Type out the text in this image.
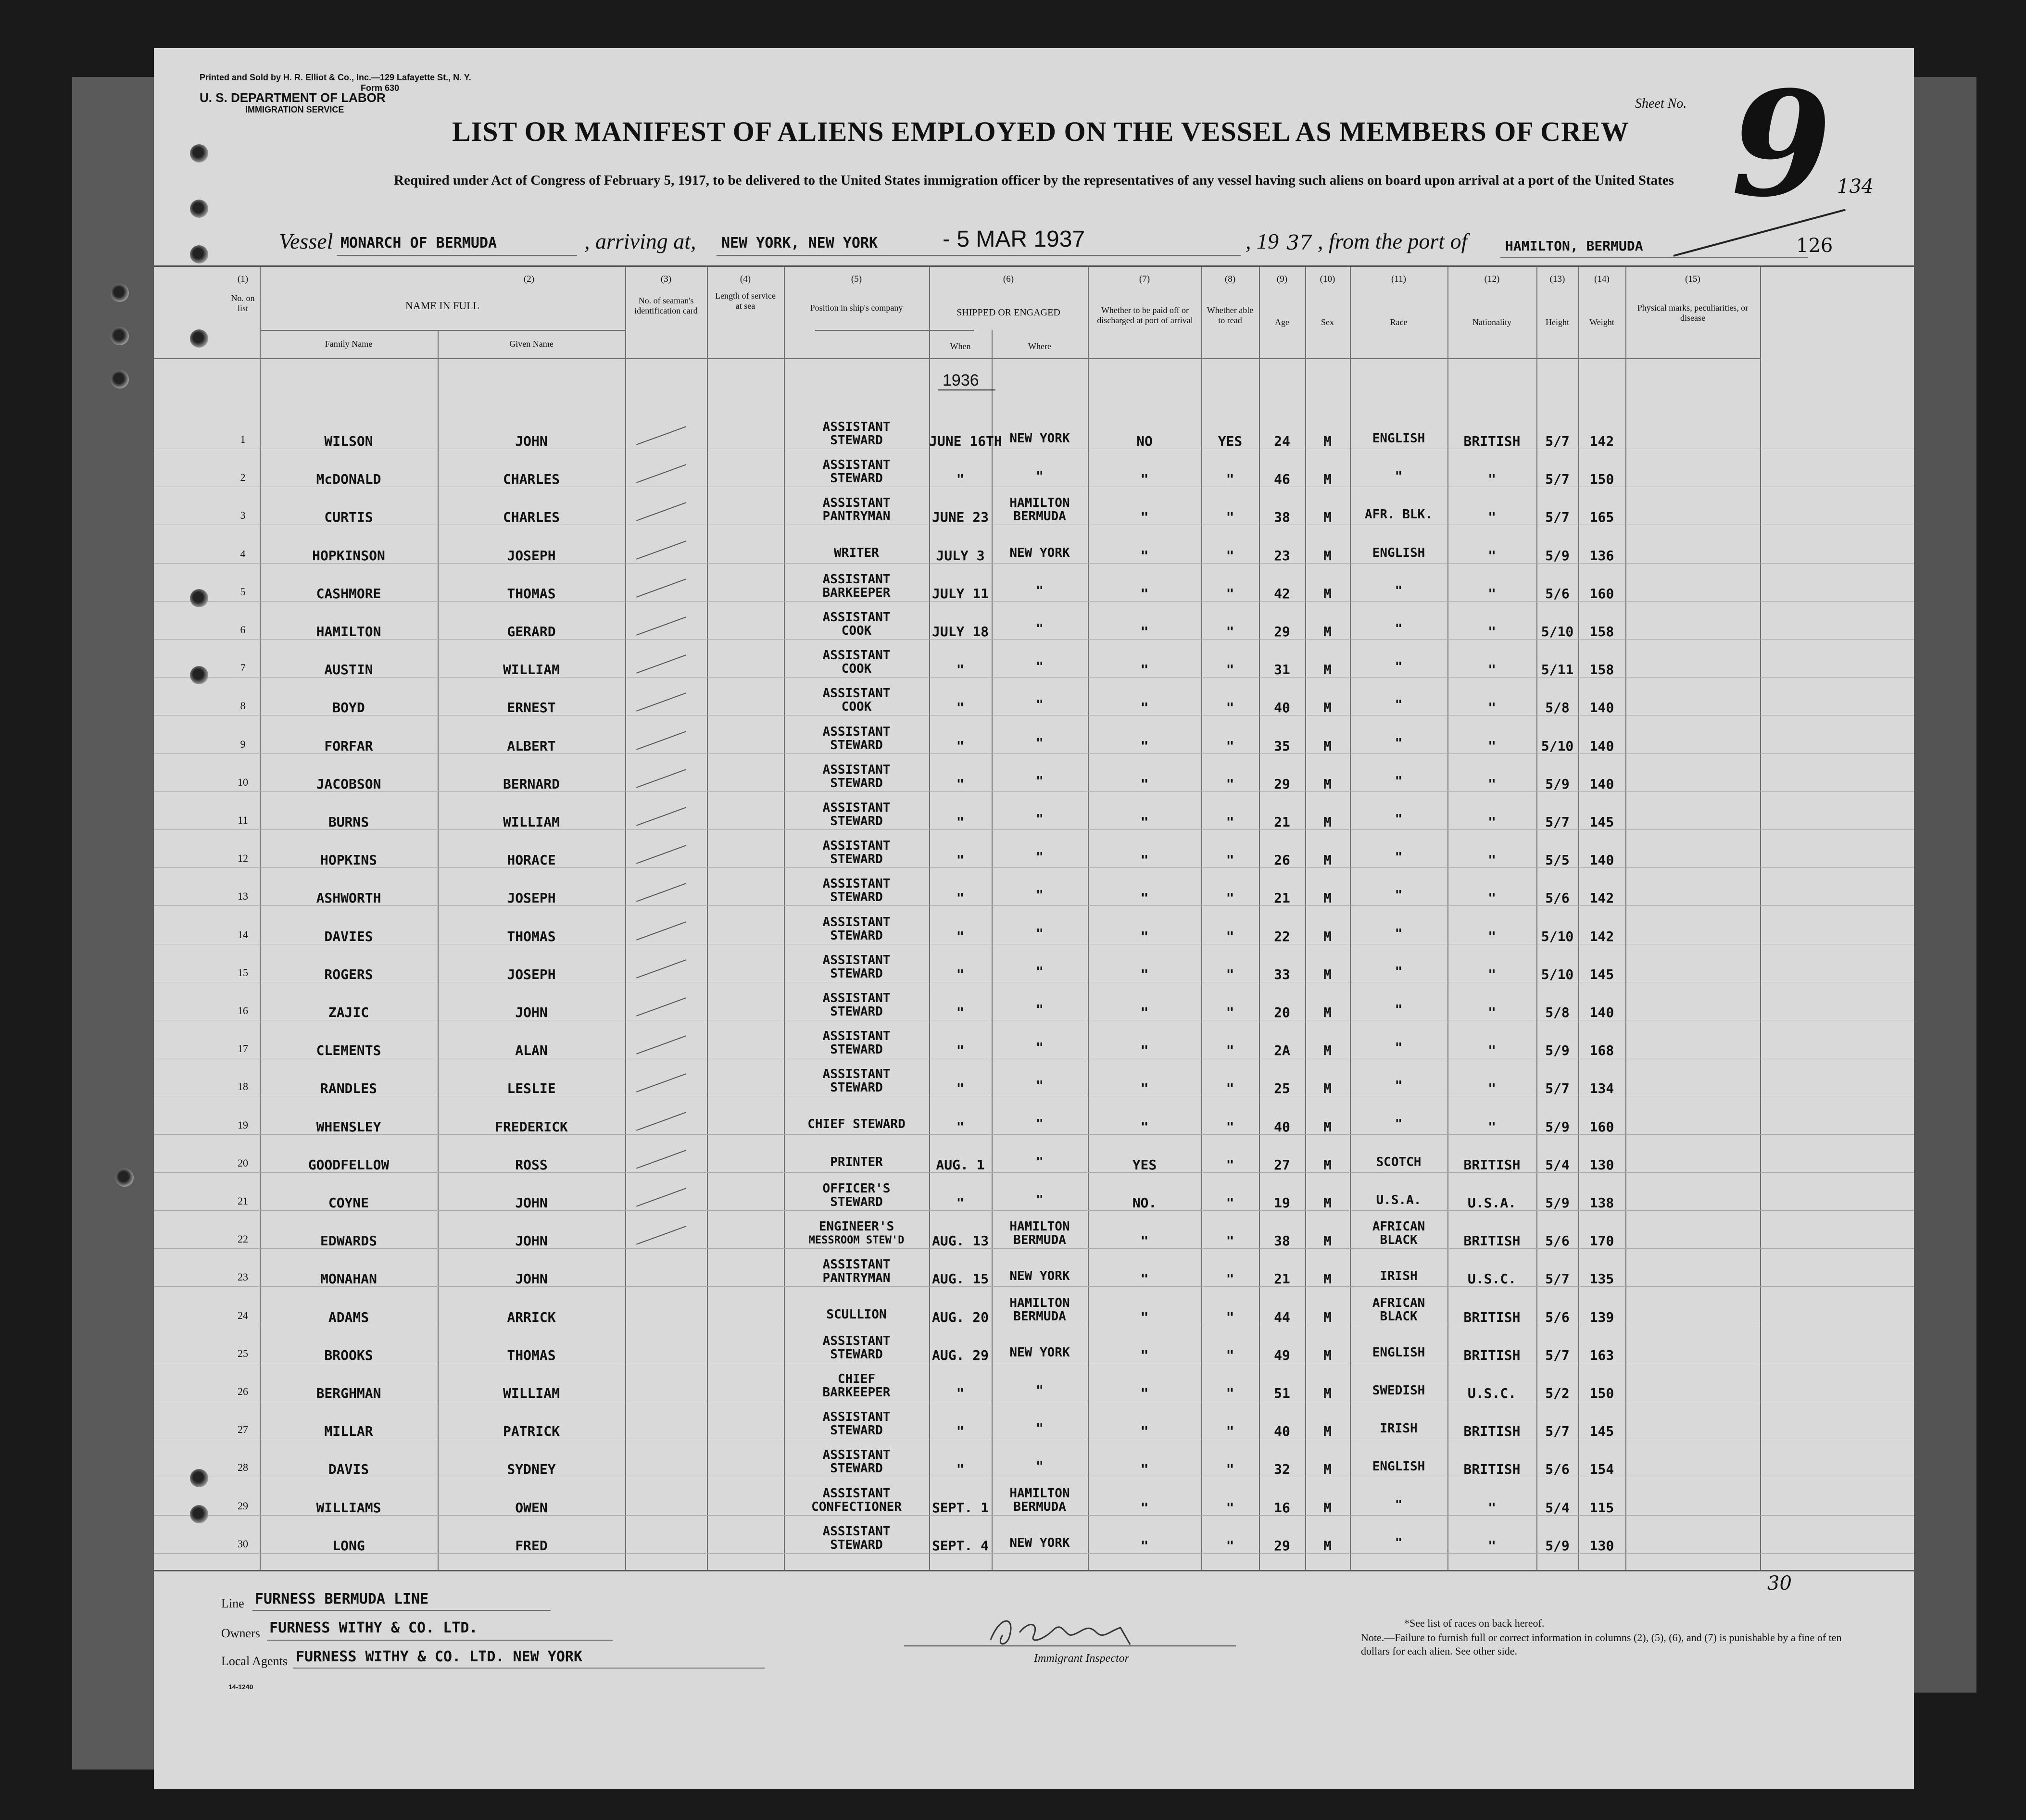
Printed and Sold by H. R. Elliot & Co., Inc.—129 Lafayette St., N. Y.
Form 630
U. S. DEPARTMENT OF LABOR
IMMIGRATION SERVICE	Sheet No. 9 134
LIST OR MANIFEST OF ALIENS EMPLOYED ON THE VESSEL AS MEMBERS OF CREW
Required under Act of Congress of February 5, 1917, to be delivered to the United States immigration officer by the representatives of any vessel having such aliens on board upon arrival at a port of the United States
Vessel MONARCH OF BERMUDA	, arriving at, NEW YORK, NEW YORK	- 5 MAR 1937	, 19 37 , from the port of	HAMILTON, BERMUDA	126
(1)	(2)	(3)	(4)	(5)	(6)	(7)	(8)	(9)	(10)	(11)	(12)	(13)	(14)	(15)
No. on list	NAME IN FULL
Family Name	Given Name
No. of seaman's identification card
Length of service at sea	Position in ship's company	SHIPPED OR ENGAGED
When	Where
Whether to be paid off or discharged at port of arrival
Whether able to read	Age	Sex	Race	Nationality	Height	Weight
Physical marks, peculiarities, or disease
1936
1	WILSON	JOHN
ASSISTANT
STEWARD	JUNE 16TH NEW YORK	NO	YES	24	M	ENGLISH	BRITISH	5/7	142
2	McDONALD	CHARLES
ASSISTANT
STEWARD	"	"	"	"	46	M	"	"	5/7	150
3	CURTIS	CHARLES
ASSISTANT
PANTRYMAN	JUNE 23
HAMILTON
BERMUDA	"	"	38	M	AFR. BLK.	"	5/7	165
4	HOPKINSON	JOSEPH	WRITER	JULY 3	NEW YORK	"	"	23	M	ENGLISH	"	5/9	136
5	CASHMORE	THOMAS
ASSISTANT
BARKEEPER	JULY 11	"	"	"	42	M	"	"	5/6	160
6	HAMILTON	GERARD
ASSISTANT
COOK	JULY 18	"	"	"	29	M	"	"	5/10	158
7	AUSTIN	WILLIAM
ASSISTANT
COOK	"	"	"	"	31	M	"	"	5/11	158
8	BOYD	ERNEST
ASSISTANT
COOK	"	"	"	"	40	M	"	"	5/8	140
9	FORFAR	ALBERT
ASSISTANT
STEWARD	"	"	"	"	35	M	"	"	5/10	140
10	JACOBSON	BERNARD
ASSISTANT
STEWARD	"	"	"	"	29	M	"	"	5/9	140
11	BURNS	WILLIAM
ASSISTANT
STEWARD	"	"	"	"	21	M	"	"	5/7	145
12	HOPKINS	HORACE
ASSISTANT
STEWARD	"	"	"	"	26	M	"	"	5/5	140
13	ASHWORTH	JOSEPH
ASSISTANT
STEWARD	"	"	"	"	21	M	"	"	5/6	142
14	DAVIES	THOMAS
ASSISTANT
STEWARD	"	"	"	"	22	M	"	"	5/10	142
15	ROGERS	JOSEPH
ASSISTANT
STEWARD	"	"	"	"	33	M	"	"	5/10	145
16	ZAJIC	JOHN
ASSISTANT
STEWARD	"	"	"	"	20	M	"	"	5/8	140
17	CLEMENTS	ALAN
ASSISTANT
STEWARD	"	"	"	"	2A	M	"	"	5/9	168
18	RANDLES	LESLIE
ASSISTANT
STEWARD	"	"	"	"	25	M	"	"	5/7	134
19	WHENSLEY	FREDERICK	CHIEF STEWARD	"	"	"	"	40	M	"	"	5/9	160
20	GOODFELLOW	ROSS	PRINTER	AUG. 1	"	YES	"	27	M	SCOTCH	BRITISH	5/4	130
21	COYNE	JOHN
OFFICER'S
STEWARD	"	"	NO.	"	19	M	U.S.A.	U.S.A.	5/9	138
22	EDWARDS	JOHN
ENGINEER'S
MESSROOM STEW'D	AUG. 13
HAMILTON
BERMUDA	"	"	38	M
AFRICAN
BLACK	BRITISH	5/6	170
23	MONAHAN	JOHN
ASSISTANT
PANTRYMAN	AUG. 15	NEW YORK	"	"	21	M	IRISH	U.S.C.	5/7	135
24	ADAMS	ARRICK	SCULLION	AUG. 20
HAMILTON
BERMUDA	"	"	44	M
AFRICAN
BLACK	BRITISH	5/6	139
25	BROOKS	THOMAS
ASSISTANT
STEWARD	AUG. 29	NEW YORK	"	"	49	M	ENGLISH	BRITISH	5/7	163
26	BERGHMAN	WILLIAM
CHIEF
BARKEEPER	"	"	"	"	51	M	SWEDISH	U.S.C.	5/2	150
27	MILLAR	PATRICK
ASSISTANT
STEWARD	"	"	"	"	40	M	IRISH	BRITISH	5/7	145
28	DAVIS	SYDNEY
ASSISTANT
STEWARD	"	"	"	"	32	M	ENGLISH	BRITISH	5/6	154
29	WILLIAMS	OWEN
ASSISTANT
CONFECTIONER	SEPT. 1
HAMILTON
BERMUDA	"	"	16	M	"	"	5/4	115
30	LONG	FRED
ASSISTANT
STEWARD	SEPT. 4	NEW YORK	"	"	29	M	"	"	5/9	130
Line FURNESS BERMUDA LINE
Owners FURNESS WITHY & CO. LTD.
Local Agents FURNESS WITHY & CO. LTD. NEW YORK
14-1240
Immigrant Inspector
30
*See list of races on back hereof.
Note.—Failure to furnish full or correct information in columns (2), (5), (6), and (7) is punishable by a fine of ten dollars for each alien. See other side.
